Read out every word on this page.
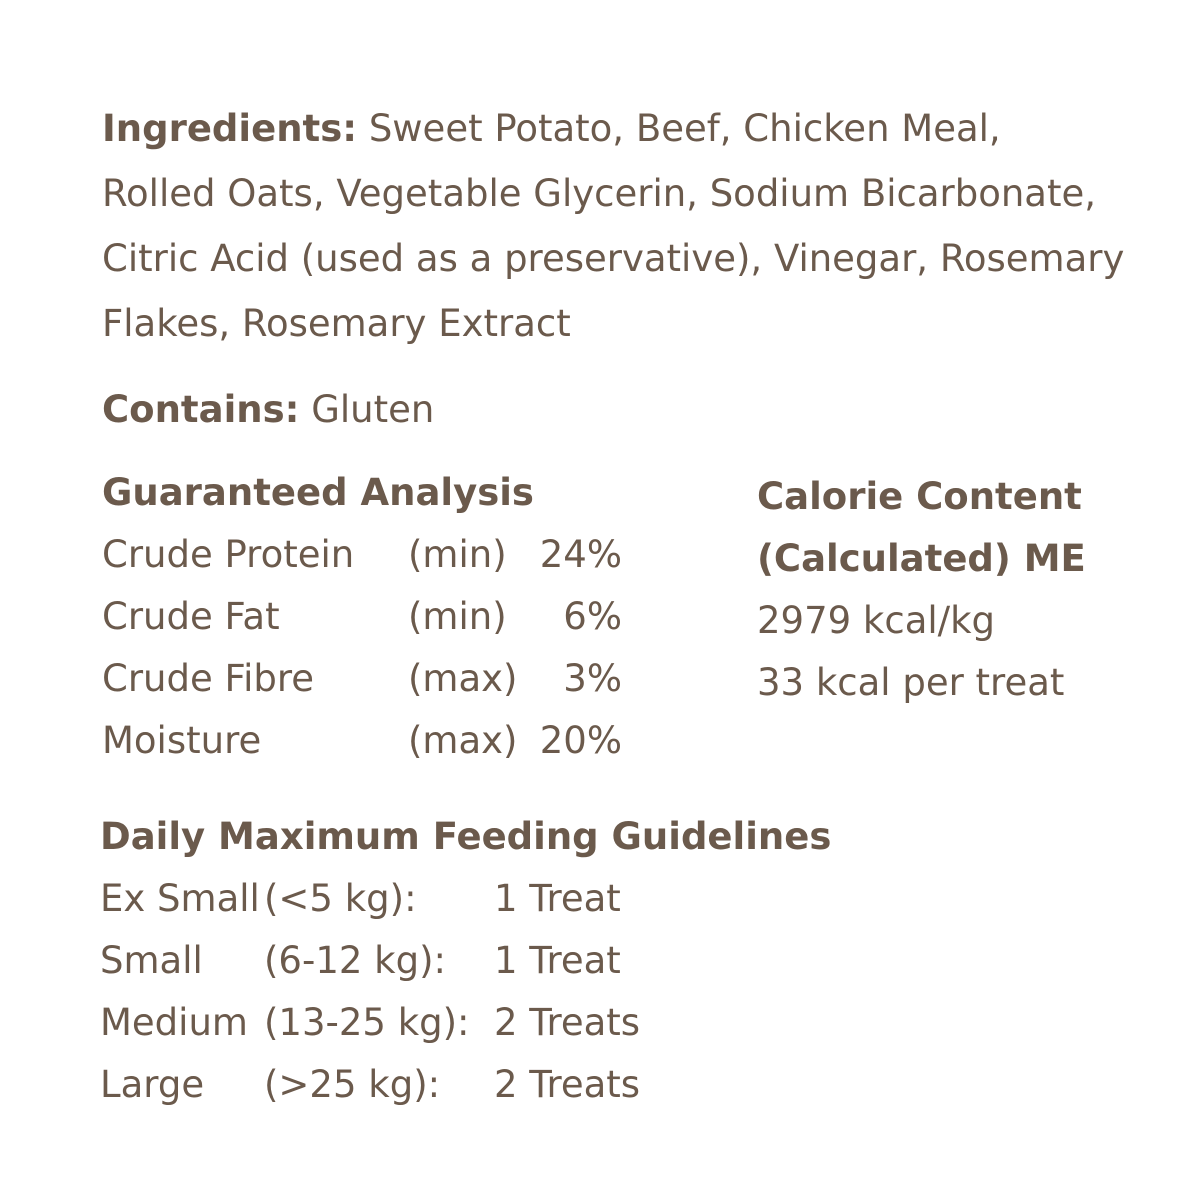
Ingredients: Sweet Potato, Beef, Chicken Meal,
Rolled Oats, Vegetable Glycerin, Sodium Bicarbonate,
Citric Acid (used as a preservative), Vinegar, Rosemary
Flakes, Rosemary Extract
Contains: Gluten
Guaranteed Analysis
Crude Protein (min) 24%
Crude Fat	(min)	6%
Crude Fibre	(max)	3%
Moisture	(max) 20%
Calorie Content
(Calculated) ME
2979 kcal/kg
33 kcal per treat
Daily Maximum Feeding Guidelines
Ex Small (<5 kg): 1 Treat
Small (6-12 kg): 1 Treat
Medium (13-25 kg): 2 Treats
Large (>25 kg): 2 Treats
